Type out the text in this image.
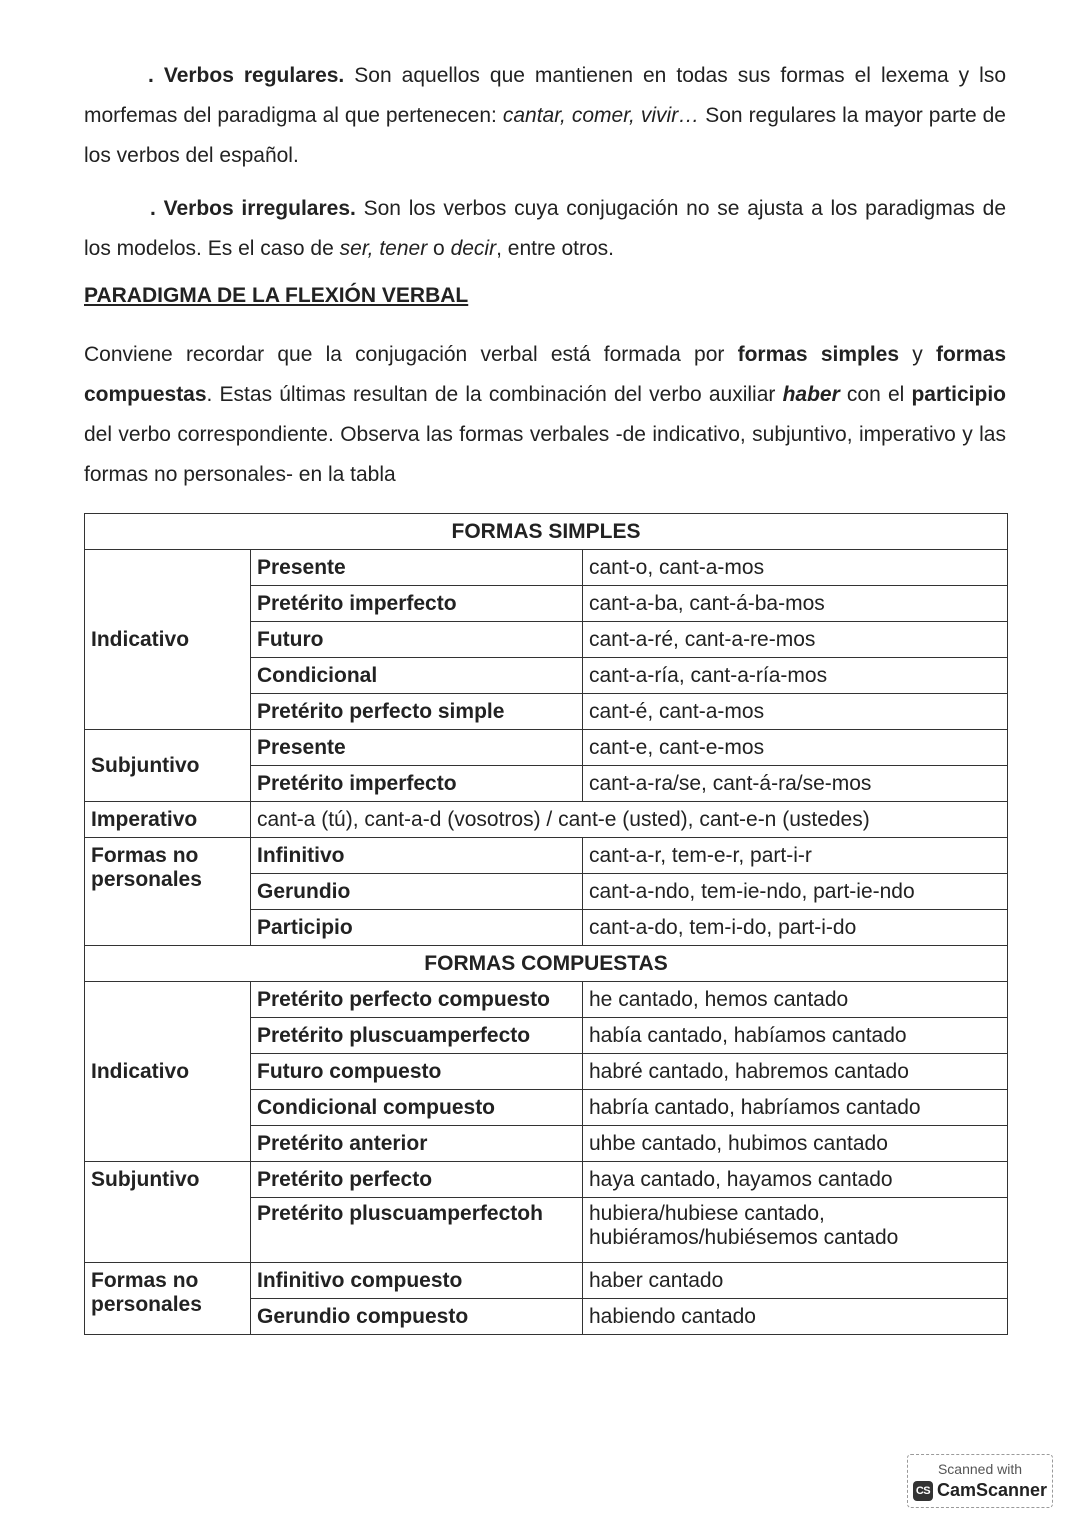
. Verbos regulares. Son aquellos que mantienen en todas sus formas el lexema y lso morfemas del paradigma al que pertenecen: cantar, comer, vivir… Son regulares la mayor parte de los verbos del español.

. Verbos irregulares. Son los verbos cuya conjugación no se ajusta a los paradigmas de los modelos. Es el caso de ser, tener o decir, entre otros.

PARADIGMA DE LA FLEXIÓN VERBAL

Conviene recordar que la conjugación verbal está formada por formas simples y formas compuestas. Estas últimas resultan de la combinación del verbo auxiliar haber con el participio del verbo correspondiente. Observa las formas verbales -de indicativo, subjuntivo, imperativo y las formas no personales- en la tabla

FORMAS SIMPLES		
Indicativo	Presente	cant-o, cant-a-mos
	Pretérito imperfecto	cant-a-ba, cant-á-ba-mos
	Futuro	cant-a-ré, cant-a-re-mos
	Condicional	cant-a-ría, cant-a-ría-mos
	Pretérito perfecto simple	cant-é, cant-a-mos
Subjuntivo	Presente	cant-e, cant-e-mos
	Pretérito imperfecto	cant-a-ra/se, cant-á-ra/se-mos
Imperativo	cant-a (tú), cant-a-d (vosotros) / cant-e (usted), cant-e-n (ustedes)	
Formas no personales	Infinitivo	cant-a-r, tem-e-r, part-i-r
	Gerundio	cant-a-ndo, tem-ie-ndo, part-ie-ndo
	Participio	cant-a-do, tem-i-do, part-i-do
FORMAS COMPUESTAS		
Indicativo	Pretérito perfecto compuesto	he cantado, hemos cantado
	Pretérito pluscuamperfecto	había cantado, habíamos cantado
	Futuro compuesto	habré cantado, habremos cantado
	Condicional compuesto	habría cantado, habríamos cantado
	Pretérito anterior	uhbe cantado, hubimos cantado
Subjuntivo	Pretérito perfecto	haya cantado, hayamos cantado
	Pretérito pluscuamperfectoh	hubiera/hubiese cantado,
hubiéramos/hubiésemos cantado
Formas no personales	Infinitivo compuesto	haber cantado
	Gerundio compuesto	habiendo cantado
Scanned with
CS CamScanner
